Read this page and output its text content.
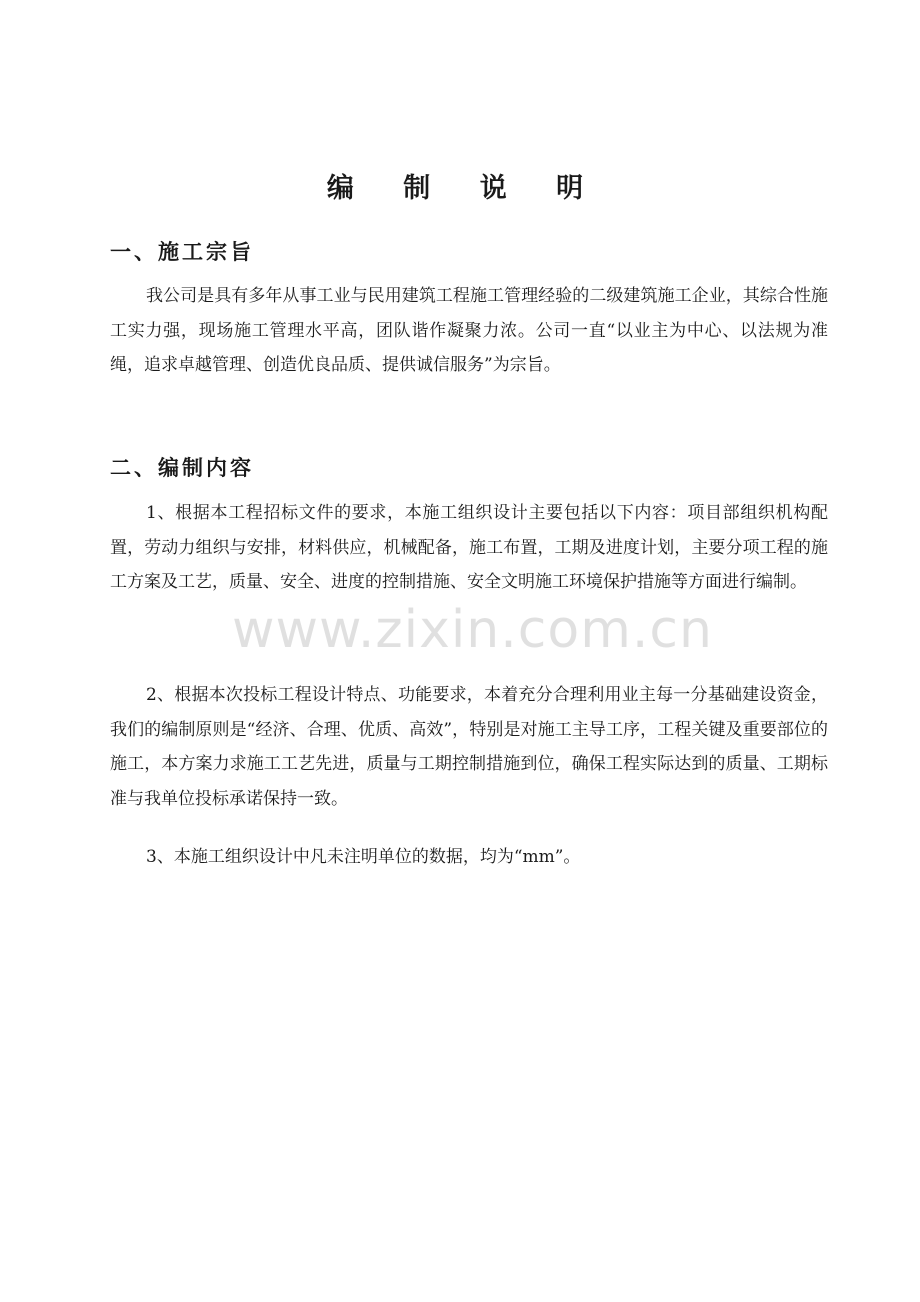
编 制 说 明
一、施工宗旨

我公司是具有多年从事工业与民用建筑工程施工管理经验的二级建筑施工企业，其综合性施工实力强，现场施工管理水平高，团队谐作凝聚力浓。公司一直“以业主为中心、以法规为准绳，追求卓越管理、创造优良品质、提供诚信服务”为宗旨。

二、编制内容

1、根据本工程招标文件的要求，本施工组织设计主要包括以下内容：项目部组织机构配置，劳动力组织与安排，材料供应，机械配备，施工布置，工期及进度计划，主要分项工程的施工方案及工艺，质量、安全、进度的控制措施、安全文明施工环境保护措施等方面进行编制。

2、根据本次投标工程设计特点、功能要求，本着充分合理利用业主每一分基础建设资金，我们的编制原则是“经济、合理、优质、高效”，特别是对施工主导工序，工程关键及重要部位的施工，本方案力求施工工艺先进，质量与工期控制措施到位，确保工程实际达到的质量、工期标准与我单位投标承诺保持一致。

3、本施工组织设计中凡未注明单位的数据，均为“mm”。

www.zixin.com.cn
